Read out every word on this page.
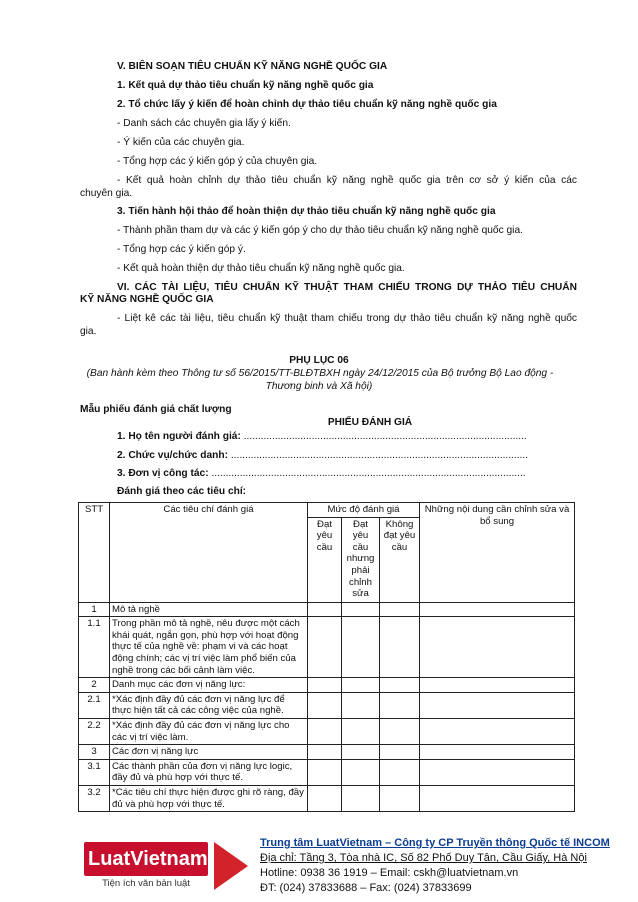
V. BIÊN SOẠN TIÊU CHUẨN KỸ NĂNG NGHỀ QUỐC GIA
1. Kết quả dự thảo tiêu chuẩn kỹ năng nghề quốc gia
2. Tổ chức lấy ý kiến để hoàn chỉnh dự thảo tiêu chuẩn kỹ năng nghề quốc gia
- Danh sách các chuyên gia lấy ý kiến.
- Ý kiến của các chuyên gia.
- Tổng hợp các ý kiến góp ý của chuyên gia.
- Kết quả hoàn chỉnh dự thảo tiêu chuẩn kỹ năng nghề quốc gia trên cơ sở ý kiến của các
chuyên gia.
3. Tiến hành hội thảo để hoàn thiện dự thảo tiêu chuẩn kỹ năng nghề quốc gia
- Thành phần tham dự và các ý kiến góp ý cho dự thảo tiêu chuẩn kỹ năng nghề quốc gia.
- Tổng hợp các ý kiến góp ý.
- Kết quả hoàn thiện dự thảo tiêu chuẩn kỹ năng nghề quốc gia.
VI. CÁC TÀI LIỆU, TIÊU CHUẨN KỸ THUẬT THAM CHIẾU TRONG DỰ THẢO TIÊU CHUẨN
KỸ NĂNG NGHỀ QUỐC GIA
- Liệt kê các tài liệu, tiêu chuẩn kỹ thuật tham chiếu trong dự thảo tiêu chuẩn kỹ năng nghề quốc
gia.
PHỤ LỤC 06
(Ban hành kèm theo Thông tư số 56/2015/TT-BLĐTBXH ngày 24/12/2015 của Bộ trưởng Bộ Lao động -
Thương binh và Xã hội)
Mẫu phiếu đánh giá chất lượng
PHIẾU ĐÁNH GIÁ
1. Họ tên người đánh giá: ....................................................................................................
2. Chức vụ/chức danh: .........................................................................................................
3. Đơn vị công tác: ...............................................................................................................
Đánh giá theo các tiêu chí:
STT	Các tiêu chí đánh giá	Mức độ đánh giá			Những nội dung cần chỉnh sửa và bổ sung
		Đạt yêu cầu	Đạt yêu cầu nhưng phải chỉnh sửa	Không đạt yêu cầu	
1	Mô tả nghề				
1.1	Trong phần mô tả nghề, nêu được một cách khái quát, ngắn gọn, phù hợp với hoạt động thực tế của nghề về: phạm vi và các hoạt động chính; các vị trí việc làm phổ biến của nghề trong các bối cảnh làm việc.				
2	Danh mục các đơn vị năng lực:				
2.1	*Xác định đầy đủ các đơn vị năng lực để thực hiện tất cả các công việc của nghề.				
2.2	*Xác định đầy đủ các đơn vị năng lực cho các vị trí việc làm.				
3	Các đơn vị năng lực				
3.1	Các thành phần của đơn vị năng lực logic, đầy đủ và phù hợp với thực tế.				
3.2	*Các tiêu chí thực hiện được ghi rõ ràng, đầy đủ và phù hợp với thực tế.				
LuatVietnam
Tiện ích văn bản luật
Trung tâm LuatVietnam – Công ty CP Truyền thông Quốc tế INCOM
Địa chỉ: Tầng 3, Tòa nhà IC, Số 82 Phố Duy Tân, Cầu Giấy, Hà Nội
Hotline: 0938 36 1919 – Email: cskh@luatvietnam.vn
ĐT: (024) 37833688 – Fax: (024) 37833699
